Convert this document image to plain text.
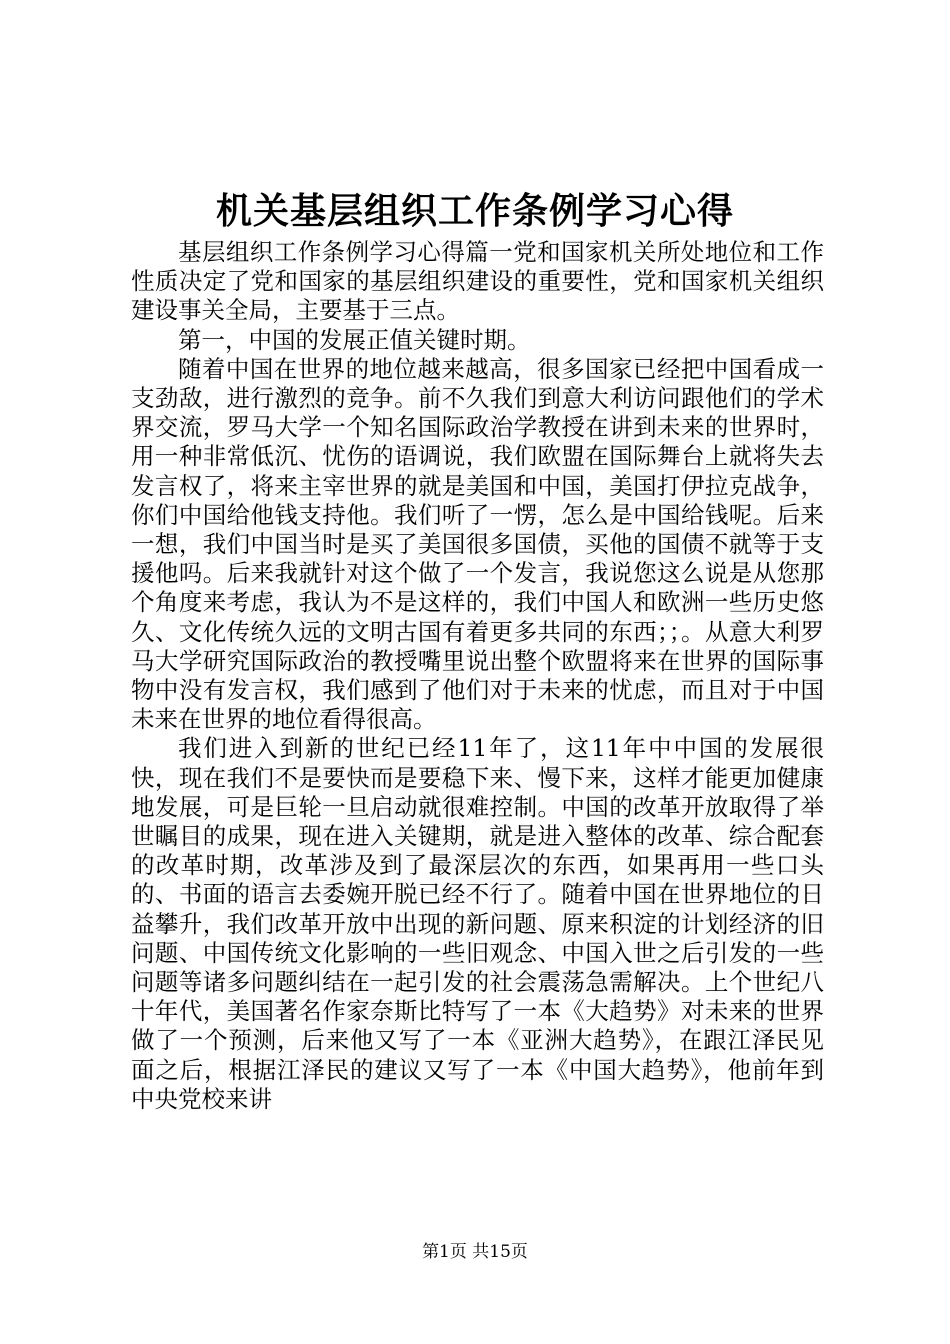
机关基层组织工作条例学习心得

基层组织工作条例学习心得篇一党和国家机关所处地位和工作性质决定了党和国家的基层组织建设的重要性，党和国家机关组织建设事关全局，主要基于三点。

第一，中国的发展正值关键时期。

随着中国在世界的地位越来越高，很多国家已经把中国看成一支劲敌，进行激烈的竞争。前不久我们到意大利访问跟他们的学术界交流，罗马大学一个知名国际政治学教授在讲到未来的世界时，用一种非常低沉、忧伤的语调说，我们欧盟在国际舞台上就将失去发言权了，将来主宰世界的就是美国和中国，美国打伊拉克战争，你们中国给他钱支持他。我们听了一愣，怎么是中国给钱呢。后来一想，我们中国当时是买了美国很多国债，买他的国债不就等于支援他吗。后来我就针对这个做了一个发言，我说您这么说是从您那个角度来考虑，我认为不是这样的，我们中国人和欧洲一些历史悠久、文化传统久远的文明古国有着更多共同的东西；；。从意大利罗马大学研究国际政治的教授嘴里说出整个欧盟将来在世界的国际事物中没有发言权，我们感到了他们对于未来的忧虑，而且对于中国未来在世界的地位看得很高。

我们进入到新的世纪已经11年了，这11年中中国的发展很快，现在我们不是要快而是要稳下来、慢下来，这样才能更加健康地发展，可是巨轮一旦启动就很难控制。中国的改革开放取得了举世瞩目的成果，现在进入关键期，就是进入整体的改革、综合配套的改革时期，改革涉及到了最深层次的东西，如果再用一些口头的、书面的语言去委婉开脱已经不行了。随着中国在世界地位的日益攀升，我们改革开放中出现的新问题、原来积淀的计划经济的旧问题、中国传统文化影响的一些旧观念、中国入世之后引发的一些问题等诸多问题纠结在一起引发的社会震荡急需解决。上个世纪八十年代，美国著名作家奈斯比特写了一本《大趋势》对未来的世界做了一个预测，后来他又写了一本《亚洲大趋势》，在跟江泽民见面之后，根据江泽民的建议又写了一本《中国大趋势》，他前年到中央党校来讲

第1页 共15页
